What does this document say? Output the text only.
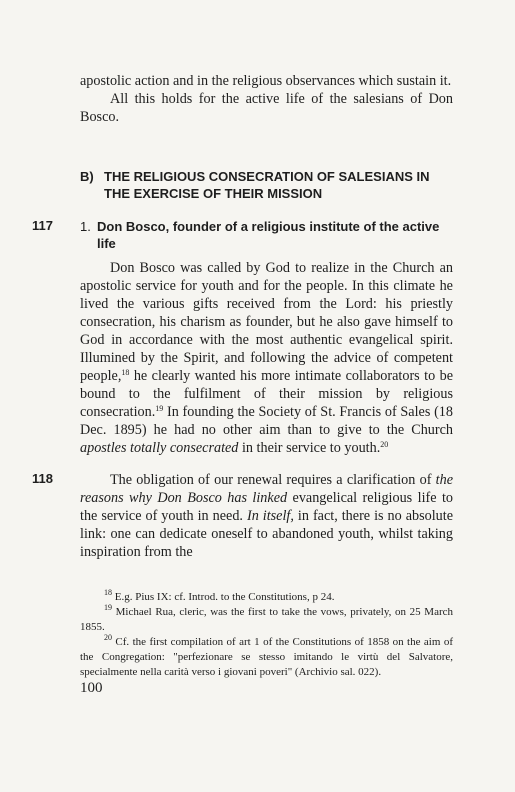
apostolic action and in the religious observances which sustain it.
All this holds for the active life of the salesians of Don Bosco.
B) THE RELIGIOUS CONSECRATION OF SALESIANS IN
THE EXERCISE OF THEIR MISSION
117 1. Don Bosco, founder of a religious institute of the active
life
Don Bosco was called by God to realize in the Church an apostolic service for youth and for the people. In this climate he lived the various gifts received from the Lord: his priestly consecration, his charism as founder, but he also gave himself to God in accordance with the most authentic evangelical spirit. Illumined by the Spirit, and following the advice of competent people,$^{18}$ he clearly wanted his more intimate collaborators to be bound to the fulfilment of their mission by religious consecration.$^{19}$ In founding the Society of St. Francis of Sales (18 Dec. 1895) he had no other aim than to give to the Church apostles totally consecrated in their service to youth.$^{20}$
118	The obligation of our renewal requires a clarification of the reasons why Don Bosco has linked evangelical religious life to the service of youth in need. In itself, in fact, there is no absolute link: one can dedicate oneself to abandoned youth, whilst taking inspiration from the
$^{18}$ E.g. Pius IX: cf. Introd. to the Constitutions, p 24.
$^{19}$ Michael Rua, cleric, was the first to take the vows, privately, on 25 March 1855.
$^{20}$ Cf. the first compilation of art 1 of the Constitutions of 1858 on the aim of the Congregation: "perfezionare se stesso imitando le virtù del Salvatore, specialmente nella carità verso i giovani poveri" (Archivio sal. 022).
100
